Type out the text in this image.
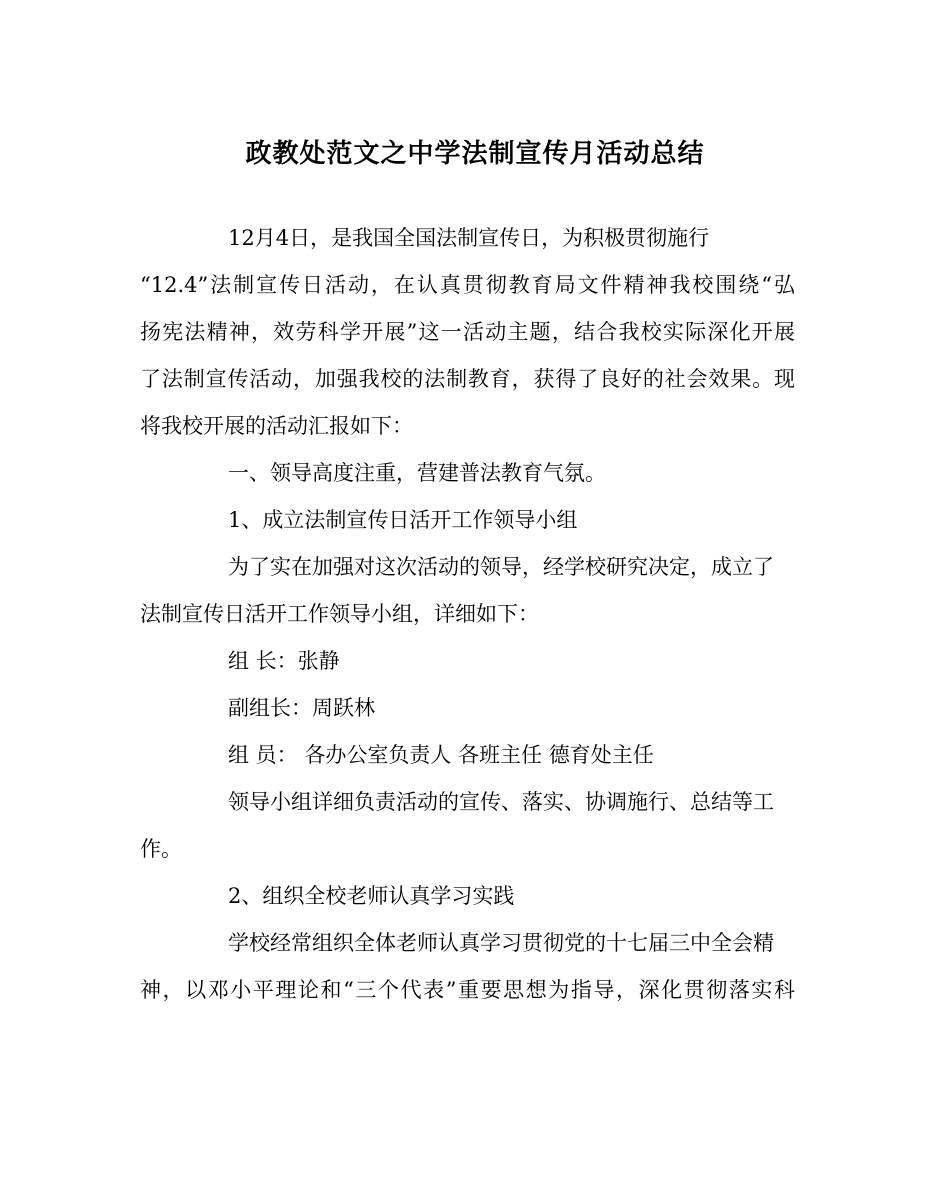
政教处范文之中学法制宣传月活动总结
12月4日，是我国全国法制宣传日，为积极贯彻施行
“12.4”法制宣传日活动，在认真贯彻教育局文件精神我校围绕“弘
扬宪法精神，效劳科学开展”这一活动主题，结合我校实际深化开展
了法制宣传活动，加强我校的法制教育，获得了良好的社会效果。现
将我校开展的活动汇报如下：
一、领导高度注重，营建普法教育气氛。
1、成立法制宣传日活开工作领导小组
为了实在加强对这次活动的领导，经学校研究决定，成立了
法制宣传日活开工作领导小组，详细如下：
组 长：张静
副组长：周跃林
组 员： 各办公室负责人 各班主任 德育处主任
领导小组详细负责活动的宣传、落实、协调施行、总结等工
作。
2、组织全校老师认真学习实践
学校经常组织全体老师认真学习贯彻党的十七届三中全会精
神，以邓小平理论和“三个代表”重要思想为指导，深化贯彻落实科
